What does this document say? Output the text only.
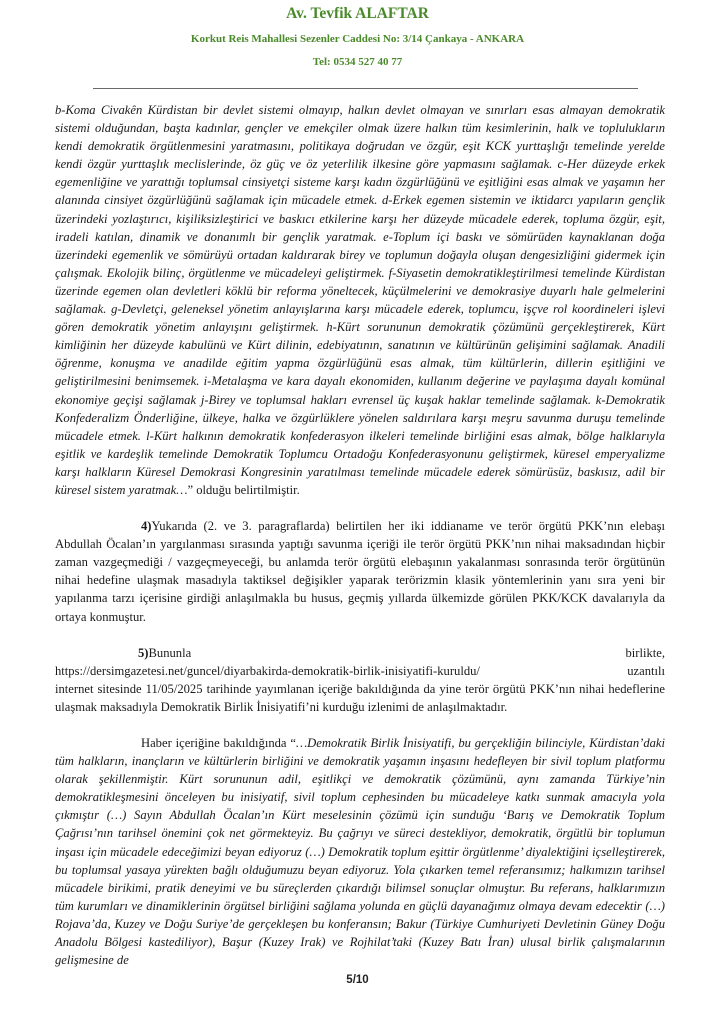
Av. Tevfik ALAFTAR
Korkut Reis Mahallesi Sezenler Caddesi No: 3/14 Çankaya - ANKARA
Tel: 0534 527 40 77

b-Koma Civakên Kürdistan bir devlet sistemi olmayıp, halkın devlet olmayan ve sınırları esas almayan demokratik sistemi olduğundan, başta kadınlar, gençler ve emekçiler olmak üzere halkın tüm kesimlerinin, halk ve toplulukların kendi demokratik örgütlenmesini yaratmasını, politikaya doğrudan ve özgür, eşit KCK yurttaşlığı temelinde yerelde kendi özgür yurttaşlık meclislerinde, öz güç ve öz yeterlilik ilkesine göre yapmasını sağlamak. c-Her düzeyde erkek egemenliğine ve yarattığı toplumsal cinsiyetçi sisteme karşı kadın özgürlüğünü ve eşitliğini esas almak ve yaşamın her alanında cinsiyet özgürlüğünü sağlamak için mücadele etmek. d-Erkek egemen sistemin ve iktidarcı yapıların gençlik üzerindeki yozlaştırıcı, kişiliksizleştirici ve baskıcı etkilerine karşı her düzeyde mücadele ederek, topluma özgür, eşit, iradeli katılan, dinamik ve donanımlı bir gençlik yaratmak. e-Toplum içi baskı ve sömürüden kaynaklanan doğa üzerindeki egemenlik ve sömürüyü ortadan kaldırarak birey ve toplumun doğayla oluşan dengesizliğini gidermek için çalışmak. Ekolojik bilinç, örgütlenme ve mücadeleyi geliştirmek. f-Siyasetin demokratikleştirilmesi temelinde Kürdistan üzerinde egemen olan devletleri köklü bir reforma yöneltecek, küçülmelerini ve demokrasiye duyarlı hale gelmelerini sağlamak. g-Devletçi, geleneksel yönetim anlayışlarına karşı mücadele ederek, toplumcu, işçve rol koordineleri işlevi gören demokratik yönetim anlayışını geliştirmek. h-Kürt sorununun demokratik çözümünü gerçekleştirerek, Kürt kimliğinin her düzeyde kabulünü ve Kürt dilinin, edebiyatının, sanatının ve kültürünün gelişimini sağlamak. Anadili öğrenme, konuşma ve anadilde eğitim yapma özgürlüğünü esas almak, tüm kültürlerin, dillerin eşitliğini ve geliştirilmesini benimsemek. i-Metalaşma ve kara dayalı ekonomiden, kullanım değerine ve paylaşıma dayalı komünal ekonomiye geçişi sağlamak j-Birey ve toplumsal hakları evrensel üç kuşak haklar temelinde sağlamak. k-Demokratik Konfederalizm Önderliğine, ülkeye, halka ve özgürlüklere yönelen saldırılara karşı meşru savunma duruşu temelinde mücadele etmek. l-Kürt halkının demokratik konfederasyon ilkeleri temelinde birliğini esas almak, bölge halklarıyla eşitlik ve kardeşlik temelinde Demokratik Toplumcu Ortadoğu Konfederasyonunu geliştirmek, küresel emperyalizme karşı halkların Küresel Demokrasi Kongresinin yaratılması temelinde mücadele ederek sömürüsüz, baskısız, adil bir küresel sistem yaratmak…” olduğu belirtilmiştir.

4)Yukarıda (2. ve 3. paragraflarda) belirtilen her iki iddianame ve terör örgütü PKK’nın elebaşı Abdullah Öcalan’ın yargılanması sırasında yaptığı savunma içeriği ile terör örgütü PKK’nın nihai maksadından hiçbir zaman vazgeçmediği / vazgeçmeyeceği, bu anlamda terör örgütü elebaşının yakalanması sonrasında terör örgütünün nihai hedefine ulaşmak masadıyla taktiksel değişikler yaparak terörizmin klasik yöntemlerinin yanı sıra yeni bir yapılanma tarzı içerisine girdiği anlaşılmakla bu husus, geçmiş yıllarda ülkemizde görülen PKK/KCK davalarıyla da ortaya konmuştur.

5)Bununla	birlikte,

https://dersimgazetesi.net/guncel/diyarbakirda-demokratik-birlik-inisiyatifi-kuruldu/	uzantılı

internet sitesinde 11/05/2025 tarihinde yayımlanan içeriğe bakıldığında da yine terör örgütü PKK’nın nihai hedeflerine ulaşmak maksadıyla Demokratik Birlik İnisiyatifi’ni kurduğu izlenimi de anlaşılmaktadır.

Haber içeriğine bakıldığında “…Demokratik Birlik İnisiyatifi, bu gerçekliğin bilinciyle, Kürdistan’daki tüm halkların, inançların ve kültürlerin birliğini ve demokratik yaşamın inşasını hedefleyen bir sivil toplum platformu olarak şekillenmiştir. Kürt sorununun adil, eşitlikçi ve demokratik çözümünü, aynı zamanda Türkiye’nin demokratikleşmesini önceleyen bu inisiyatif, sivil toplum cephesinden bu mücadeleye katkı sunmak amacıyla yola çıkmıştır (…) Sayın Abdullah Öcalan’ın Kürt meselesinin çözümü için sunduğu ‘Barış ve Demokratik Toplum Çağrısı’nın tarihsel önemini çok net görmekteyiz. Bu çağrıyı ve süreci destekliyor, demokratik, örgütlü bir toplumun inşası için mücadele edeceğimizi beyan ediyoruz (…) Demokratik toplum eşittir örgütlenme’ diyalektiğini içselleştirerek, bu toplumsal yasaya yürekten bağlı olduğumuzu beyan ediyoruz. Yola çıkarken temel referansımız; halkımızın tarihsel mücadele birikimi, pratik deneyimi ve bu süreçlerden çıkardığı bilimsel sonuçlar olmuştur. Bu referans, halklarımızın tüm kurumları ve dinamiklerinin örgütsel birliğini sağlama yolunda en güçlü dayanağımız olmaya devam edecektir (…) Rojava’da, Kuzey ve Doğu Suriye’de gerçekleşen bu konferansın; Bakur (Türkiye Cumhuriyeti Devletinin Güney Doğu Anadolu Bölgesi kastediliyor), Başur (Kuzey Irak) ve Rojhilat’taki (Kuzey Batı İran) ulusal birlik çalışmalarının gelişmesine de

5/10
